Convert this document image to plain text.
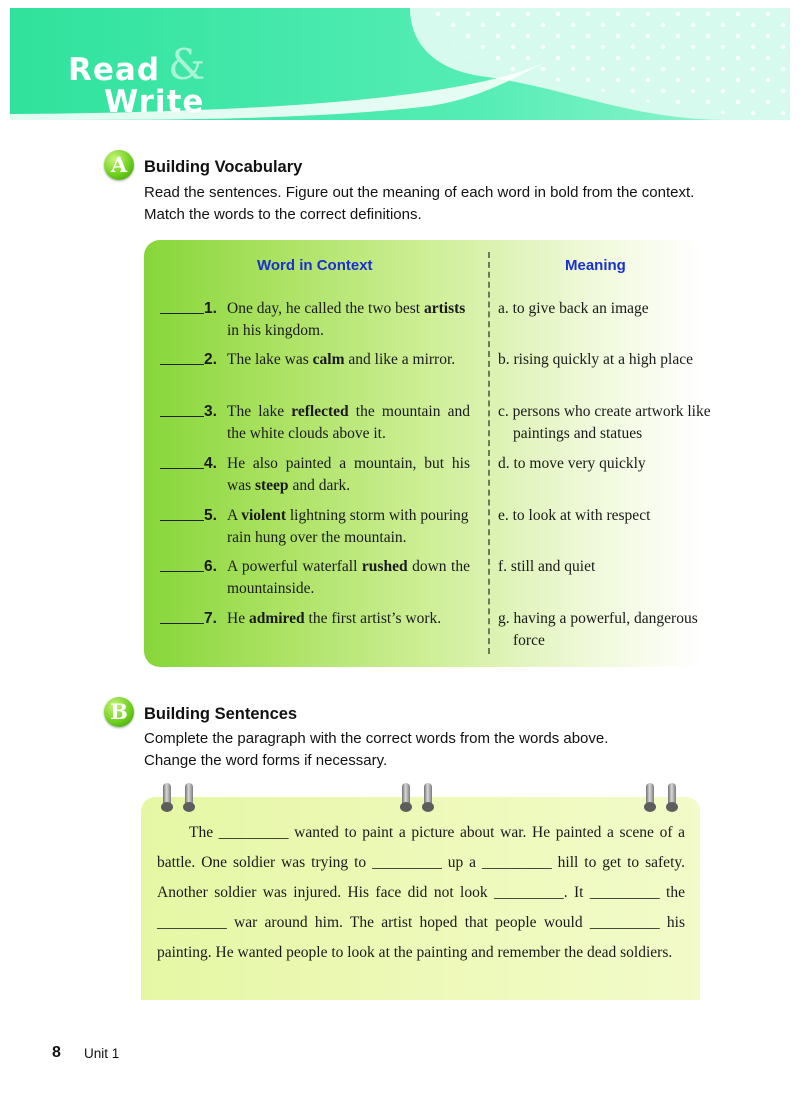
Read &
Write
A	Building Vocabulary

Read the sentences. Figure out the meaning of each word in bold from the context. Match the words to the correct definitions.

Word in Context	Meaning
1. One day, he called the two best artists in his kingdom.
2. The lake was calm and like a mirror.
3. The lake reflected the mountain and the white clouds above it.
4. He also painted a mountain, but his was steep and dark.
5. A violent lightning storm with pouring rain hung over the mountain.
6. A powerful waterfall rushed down the mountainside.
7. He admired the first artist’s work.
a. to give back an image
b. rising quickly at a high place
c. persons who create artwork like paintings and statues
d. to move very quickly
e. to look at with respect
f. still and quiet
g. having a powerful, dangerous force
B Building Sentences

Complete the paragraph with the correct words from the words above. Change the word forms if necessary.

The _________ wanted to paint a picture about war. He painted a scene of a battle. One soldier was trying to _________ up a _________ hill to get to safety. Another soldier was injured. His face did not look _________. It _________ the _________ war around him. The artist hoped that people would _________ his painting. He wanted people to look at the painting and remember the dead soldiers.

8 Unit 1
